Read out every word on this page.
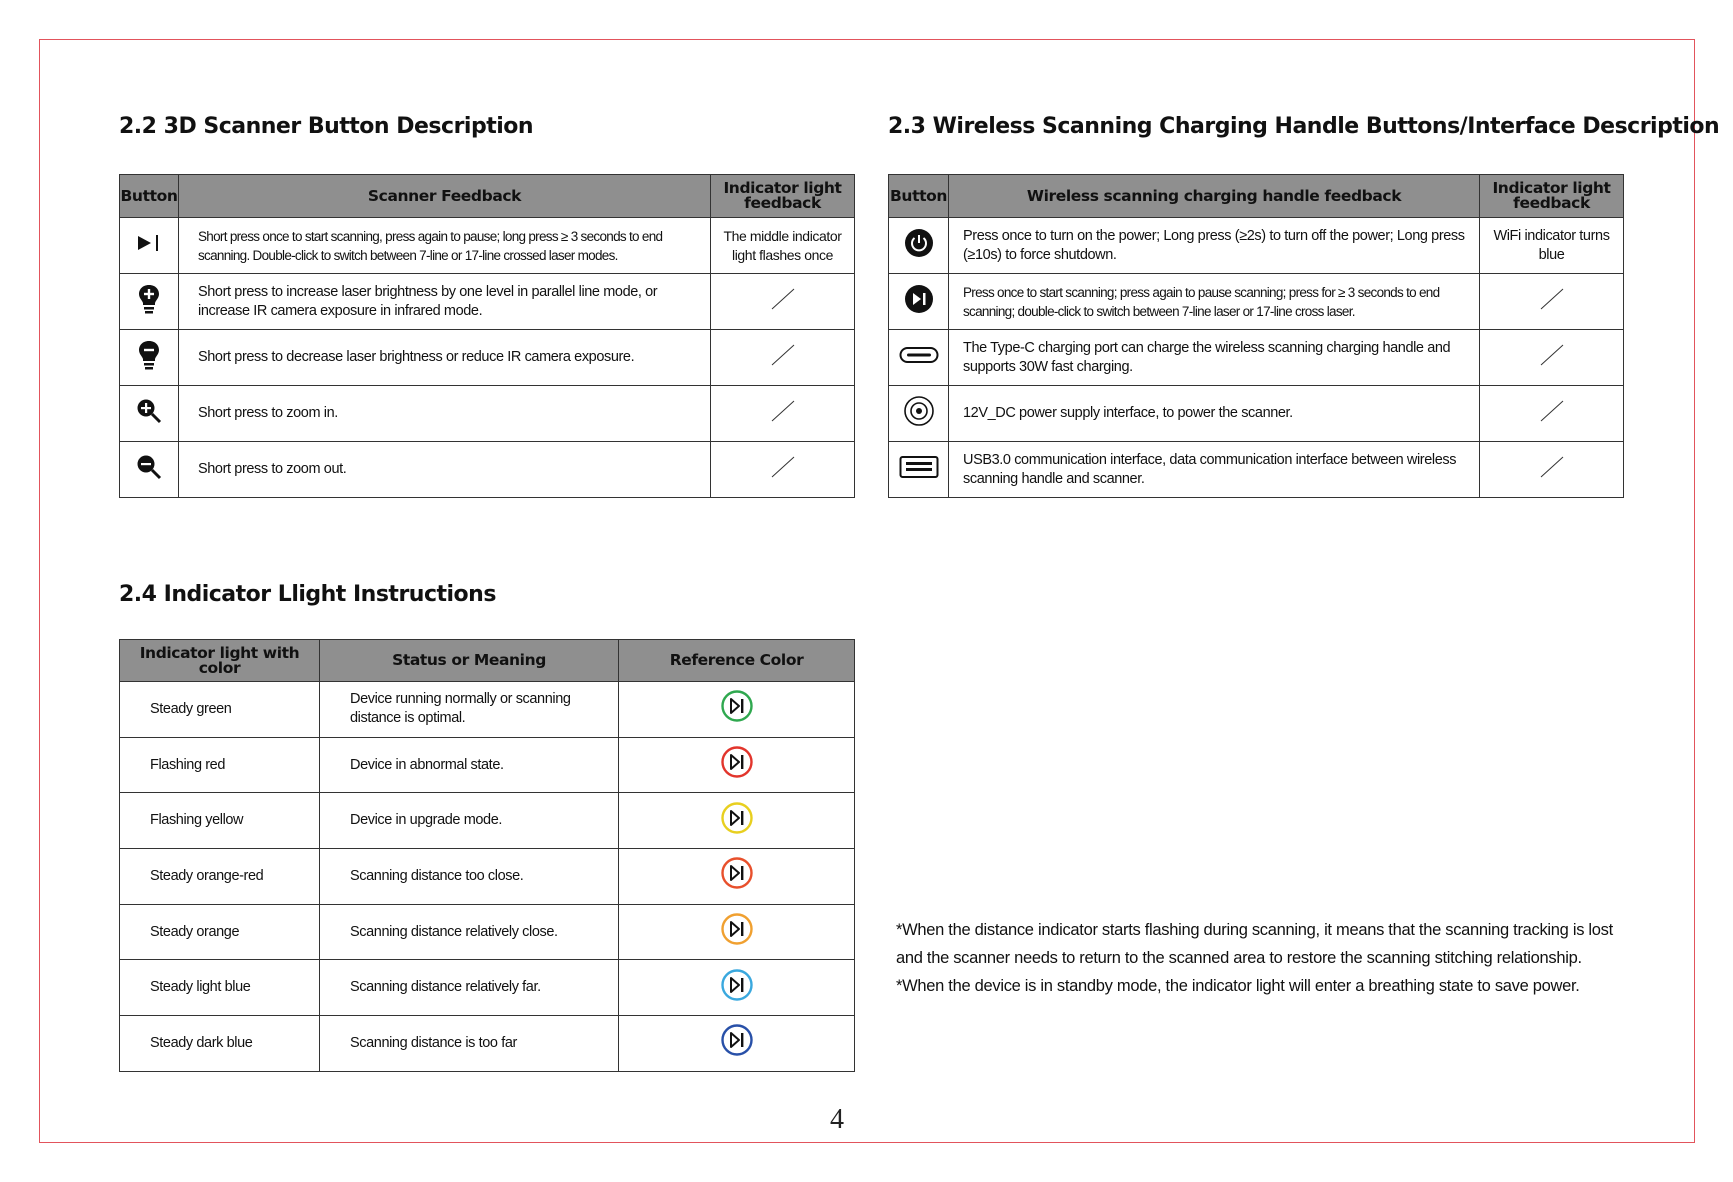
2.2 3D Scanner Button Description
Button	Scanner Feedback	Indicator light feedback
	Short press once to start scanning, press again to pause; long press ≥ 3 seconds to end scanning. Double-click to switch between 7-line or 17-line crossed laser modes.	The middle indicator light flashes once
	Short press to increase laser brightness by one level in parallel line mode, or increase IR camera exposure in infrared mode.	
	Short press to decrease laser brightness or reduce IR camera exposure.	
	Short press to zoom in.	
	Short press to zoom out.	
2.3 Wireless Scanning Charging Handle Buttons/Interface Description
Button	Wireless scanning charging handle feedback	Indicator light feedback
	Press once to turn on the power; Long press (≥2s) to turn off the power; Long press (≥10s) to force shutdown.	WiFi indicator turns blue
	Press once to start scanning; press again to pause scanning; press for ≥ 3 seconds to end scanning; double-click to switch between 7-line laser or 17-line cross laser.	
	The Type-C charging port can charge the wireless scanning charging handle and supports 30W fast charging.	
	12V_DC power supply interface, to power the scanner.	
	USB3.0 communication interface, data communication interface between wireless scanning handle and scanner.	
2.4 Indicator Llight Instructions
Indicator light with color	Status or Meaning	Reference Color
Steady green	Device running normally or scanning distance is optimal.	
Flashing red	Device in abnormal state.	
Flashing yellow	Device in upgrade mode.	
Steady orange-red	Scanning distance too close.	
Steady orange	Scanning distance relatively close.	
Steady light blue	Scanning distance relatively far.	
Steady dark blue	Scanning distance is too far	

*When the distance indicator starts flashing during scanning, it means that the scanning tracking is lost and the scanner needs to return to the scanned area to restore the scanning stitching relationship.

*When the device is in standby mode, the indicator light will enter a breathing state to save power.

4
